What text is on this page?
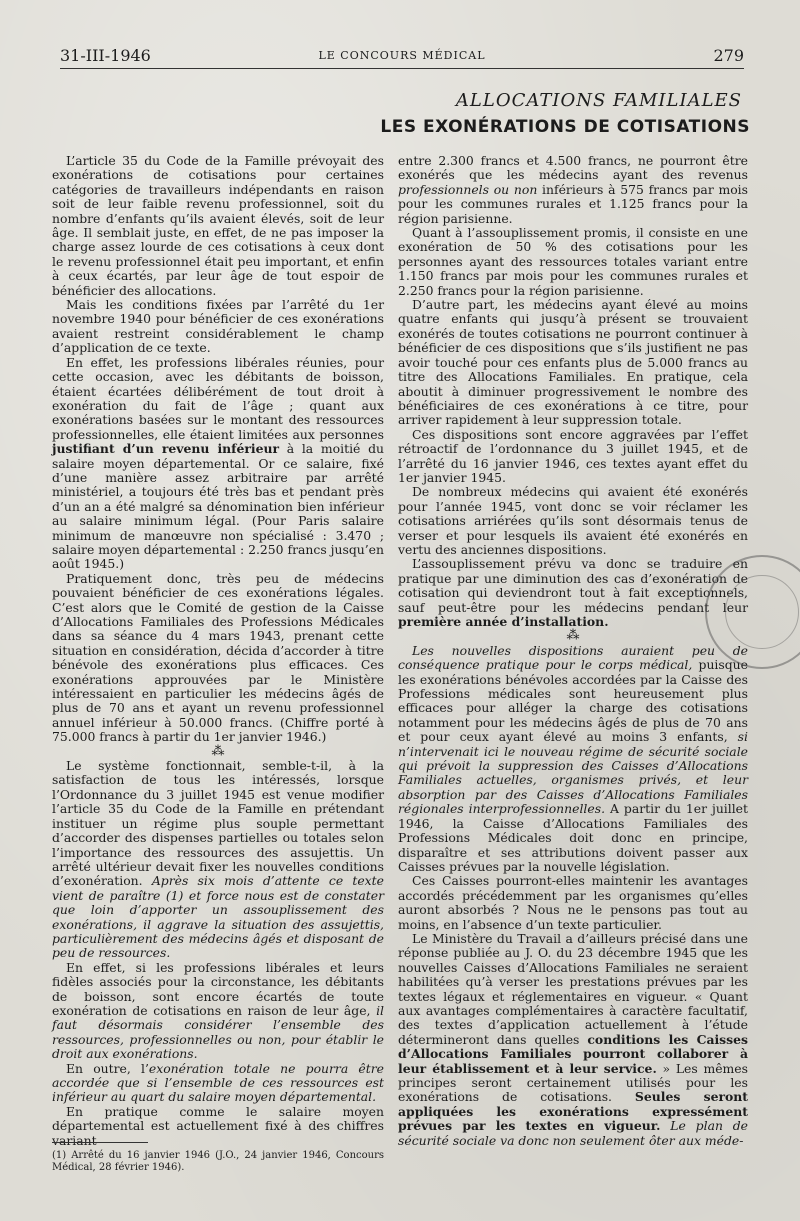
31-III-1946	LE CONCOURS MÉDICAL	279
ALLOCATIONS FAMILIALES
LES EXONÉRATIONS DE COTISATIONS

L’article 35 du Code de la Famille prévoyait des exonérations de cotisations pour certaines catégories de travailleurs indépendants en raison soit de leur faible revenu professionnel, soit du nombre d’enfants qu’ils avaient élevés, soit de leur âge. Il semblait juste, en effet, de ne pas imposer la charge assez lourde de ces cotisations à ceux dont le revenu professionnel était peu important, et enfin à ceux écartés, par leur âge de tout espoir de bénéficier des allocations.

Mais les conditions fixées par l’arrêté du 1er novembre 1940 pour bénéficier de ces exonérations avaient restreint considérablement le champ d’application de ce texte.

En effet, les professions libérales réunies, pour cette occasion, avec les débitants de boisson, étaient écartées délibérément de tout droit à exonération du fait de l’âge ; quant aux exonérations basées sur le montant des ressources professionnelles, elle étaient limitées aux personnes justifiant d’un revenu inférieur à la moitié du salaire moyen départemental. Or ce salaire, fixé d’une manière assez arbitraire par arrêté ministériel, a toujours été très bas et pendant près d’un an a été malgré sa dénomination bien inférieur au salaire minimum légal. (Pour Paris salaire minimum de manœuvre non spécialisé : 3.470 ; salaire moyen départemental : 2.250 francs jusqu’en août 1945.)

Pratiquement donc, très peu de médecins pouvaient bénéficier de ces exonérations légales. C’est alors que le Comité de gestion de la Caisse d’Allocations Familiales des Professions Médicales dans sa séance du 4 mars 1943, prenant cette situation en considération, décida d’accorder à titre bénévole des exonérations plus efficaces. Ces exonérations approuvées par le Ministère intéressaient en particulier les médecins âgés de plus de 70 ans et ayant un revenu professionnel annuel inférieur à 50.000 francs. (Chiffre porté à 75.000 francs à partir du 1er janvier 1946.)

⁂

Le système fonctionnait, semble-t-il, à la satisfaction de tous les intéressés, lorsque l’Ordonnance du 3 juillet 1945 est venue modifier l’article 35 du Code de la Famille en prétendant instituer un régime plus souple permettant d’accorder des dispenses partielles ou totales selon l’importance des ressources des assujettis. Un arrêté ultérieur devait fixer les nouvelles conditions d’exonération. Après six mois d’attente ce texte vient de paraître (1) et force nous est de constater que loin d’apporter un assouplissement des exonérations, il aggrave la situation des assujettis, particulièrement des médecins âgés et disposant de peu de ressources.

En effet, si les professions libérales et leurs fidèles associés pour la circonstance, les débitants de boisson, sont encore écartés de toute exonération de cotisations en raison de leur âge, il faut désormais considérer l’ensemble des ressources, professionnelles ou non, pour établir le droit aux exonérations.

En outre, l’exonération totale ne pourra être accordée que si l’ensemble de ces ressources est inférieur au quart du salaire moyen départemental.

En pratique comme le salaire moyen départemental est actuellement fixé à des chiffres variant

entre 2.300 francs et 4.500 francs, ne pourront être exonérés que les médecins ayant des revenus professionnels ou non inférieurs à 575 francs par mois pour les communes rurales et 1.125 francs pour la région parisienne.

Quant à l’assouplissement promis, il consiste en une exonération de 50 % des cotisations pour les personnes ayant des ressources totales variant entre 1.150 francs par mois pour les communes rurales et 2.250 francs pour la région parisienne.

D’autre part, les médecins ayant élevé au moins quatre enfants qui jusqu’à présent se trouvaient exonérés de toutes cotisations ne pourront continuer à bénéficier de ces dispositions que s’ils justifient ne pas avoir touché pour ces enfants plus de 5.000 francs au titre des Allocations Familiales. En pratique, cela aboutit à diminuer progressivement le nombre des bénéficiaires de ces exonérations à ce titre, pour arriver rapidement à leur suppression totale.

Ces dispositions sont encore aggravées par l’effet rétroactif de l’ordonnance du 3 juillet 1945, et de l’arrêté du 16 janvier 1946, ces textes ayant effet du 1er janvier 1945.

De nombreux médecins qui avaient été exonérés pour l’année 1945, vont donc se voir réclamer les cotisations arriérées qu’ils sont désormais tenus de verser et pour lesquels ils avaient été exonérés en vertu des anciennes dispositions.

L’assouplissement prévu va donc se traduire en pratique par une diminution des cas d’exonération de cotisation qui deviendront tout à fait exceptionnels, sauf peut-être pour les médecins pendant leur première année d’installation.

⁂

Les nouvelles dispositions auraient peu de conséquence pratique pour le corps médical, puisque les exonérations bénévoles accordées par la Caisse des Professions médicales sont heureusement plus efficaces pour alléger la charge des cotisations notamment pour les médecins âgés de plus de 70 ans et pour ceux ayant élevé au moins 3 enfants, si n’intervenait ici le nouveau régime de sécurité sociale qui prévoit la suppression des Caisses d’Allocations Familiales actuelles, organismes privés, et leur absorption par des Caisses d’Allocations Familiales régionales interprofessionnelles. A partir du 1er juillet 1946, la Caisse d’Allocations Familiales des Professions Médicales doit donc en principe, disparaître et ses attributions doivent passer aux Caisses prévues par la nouvelle législation.

Ces Caisses pourront-elles maintenir les avantages accordés précédemment par les organismes qu’elles auront absorbés ? Nous ne le pensons pas tout au moins, en l’absence d’un texte particulier.

Le Ministère du Travail a d’ailleurs précisé dans une réponse publiée au J. O. du 23 décembre 1945 que les nouvelles Caisses d’Allocations Familiales ne seraient habilitées qu’à verser les prestations prévues par les textes légaux et réglementaires en vigueur. « Quant aux avantages complémentaires à caractère facultatif, des textes d’application actuellement à l’étude détermineront dans quelles conditions les Caisses d’Allocations Familiales pourront collaborer à leur établissement et à leur service. » Les mêmes principes seront certainement utilisés pour les exonérations de cotisations. Seules seront appliquées les exonérations expressément prévues par les textes en vigueur. Le plan de sécurité sociale va donc non seulement ôter aux méde-

(1) Arrêté du 16 janvier 1946 (J.O., 24 janvier 1946, Concours Médical, 28 février 1946).
